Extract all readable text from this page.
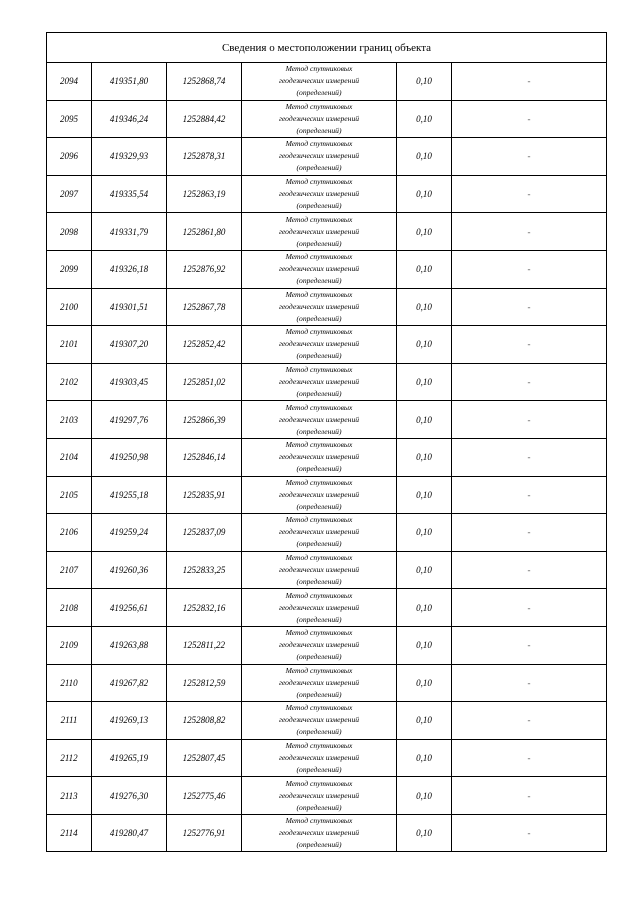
Сведения о местоположении границ объекта					
2094	419351,80	1252868,74	Метод спутниковых
геодезических измерений
(определений)	0,10	-
2095	419346,24	1252884,42	Метод спутниковых
геодезических измерений
(определений)	0,10	-
2096	419329,93	1252878,31	Метод спутниковых
геодезических измерений
(определений)	0,10	-
2097	419335,54	1252863,19	Метод спутниковых
геодезических измерений
(определений)	0,10	-
2098	419331,79	1252861,80	Метод спутниковых
геодезических измерений
(определений)	0,10	-
2099	419326,18	1252876,92	Метод спутниковых
геодезических измерений
(определений)	0,10	-
2100	419301,51	1252867,78	Метод спутниковых
геодезических измерений
(определений)	0,10	-
2101	419307,20	1252852,42	Метод спутниковых
геодезических измерений
(определений)	0,10	-
2102	419303,45	1252851,02	Метод спутниковых
геодезических измерений
(определений)	0,10	-
2103	419297,76	1252866,39	Метод спутниковых
геодезических измерений
(определений)	0,10	-
2104	419250,98	1252846,14	Метод спутниковых
геодезических измерений
(определений)	0,10	-
2105	419255,18	1252835,91	Метод спутниковых
геодезических измерений
(определений)	0,10	-
2106	419259,24	1252837,09	Метод спутниковых
геодезических измерений
(определений)	0,10	-
2107	419260,36	1252833,25	Метод спутниковых
геодезических измерений
(определений)	0,10	-
2108	419256,61	1252832,16	Метод спутниковых
геодезических измерений
(определений)	0,10	-
2109	419263,88	1252811,22	Метод спутниковых
геодезических измерений
(определений)	0,10	-
2110	419267,82	1252812,59	Метод спутниковых
геодезических измерений
(определений)	0,10	-
2111	419269,13	1252808,82	Метод спутниковых
геодезических измерений
(определений)	0,10	-
2112	419265,19	1252807,45	Метод спутниковых
геодезических измерений
(определений)	0,10	-
2113	419276,30	1252775,46	Метод спутниковых
геодезических измерений
(определений)	0,10	-
2114	419280,47	1252776,91	Метод спутниковых
геодезических измерений
(определений)	0,10	-
